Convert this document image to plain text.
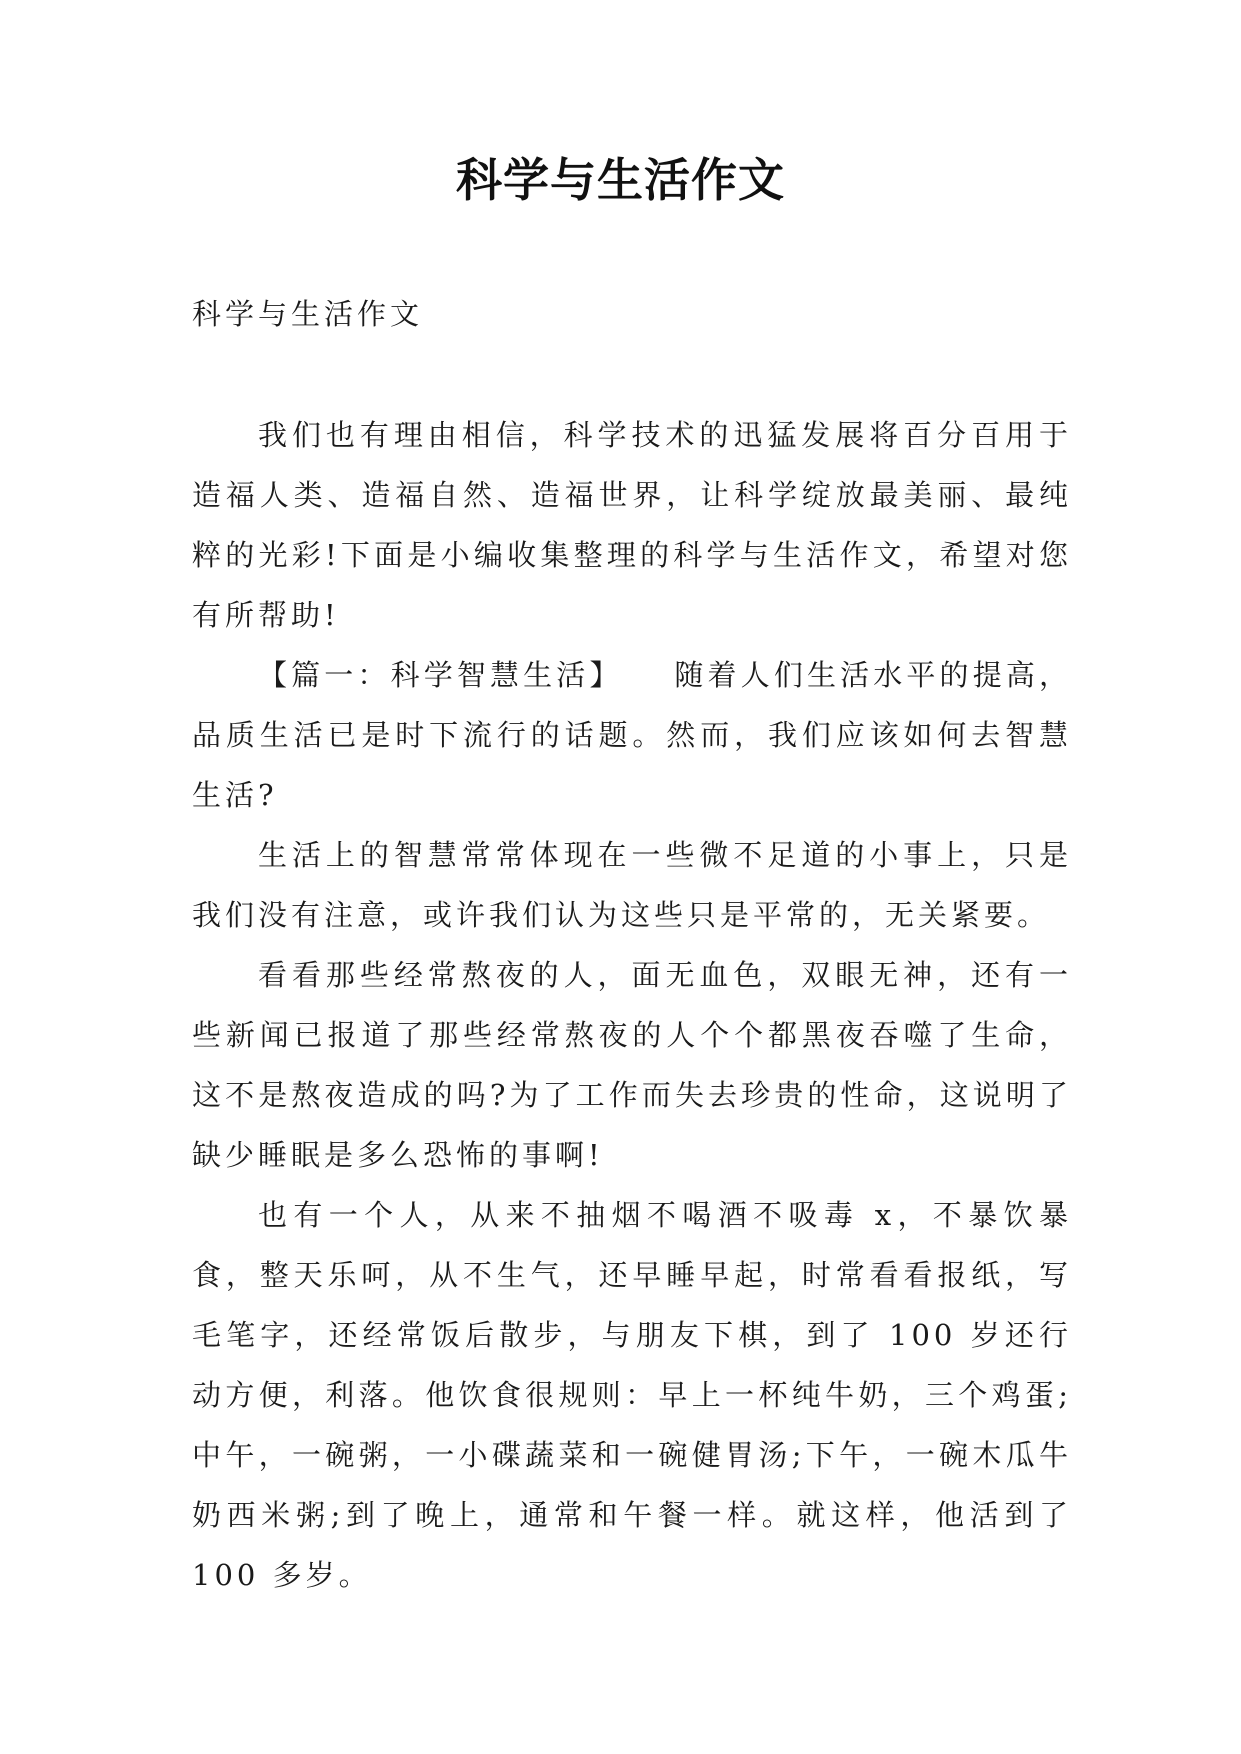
科学与生活作文

科学与生活作文

我们也有理由相信，科学技术的迅猛发展将百分百用于造福人类、造福自然、造福世界，让科学绽放最美丽、最纯粹的光彩!下面是小编收集整理的科学与生活作文，希望对您有所帮助!

【篇一：科学智慧生活】　　随着人们生活水平的提高，品质生活已是时下流行的话题。然而，我们应该如何去智慧生活?

生活上的智慧常常体现在一些微不足道的小事上，只是我们没有注意，或许我们认为这些只是平常的，无关紧要。

看看那些经常熬夜的人，面无血色，双眼无神，还有一些新闻已报道了那些经常熬夜的人个个都黑夜吞噬了生命，这不是熬夜造成的吗?为了工作而失去珍贵的性命，这说明了缺少睡眠是多么恐怖的事啊!

也有一个人，从来不抽烟不喝酒不吸毒 x，不暴饮暴食，整天乐呵，从不生气，还早睡早起，时常看看报纸，写毛笔字，还经常饭后散步，与朋友下棋，到了 100 岁还行动方便，利落。他饮食很规则：早上一杯纯牛奶，三个鸡蛋;中午，一碗粥，一小碟蔬菜和一碗健胃汤;下午，一碗木瓜牛奶西米粥;到了晚上，通常和午餐一样。就这样，他活到了 100 多岁。
